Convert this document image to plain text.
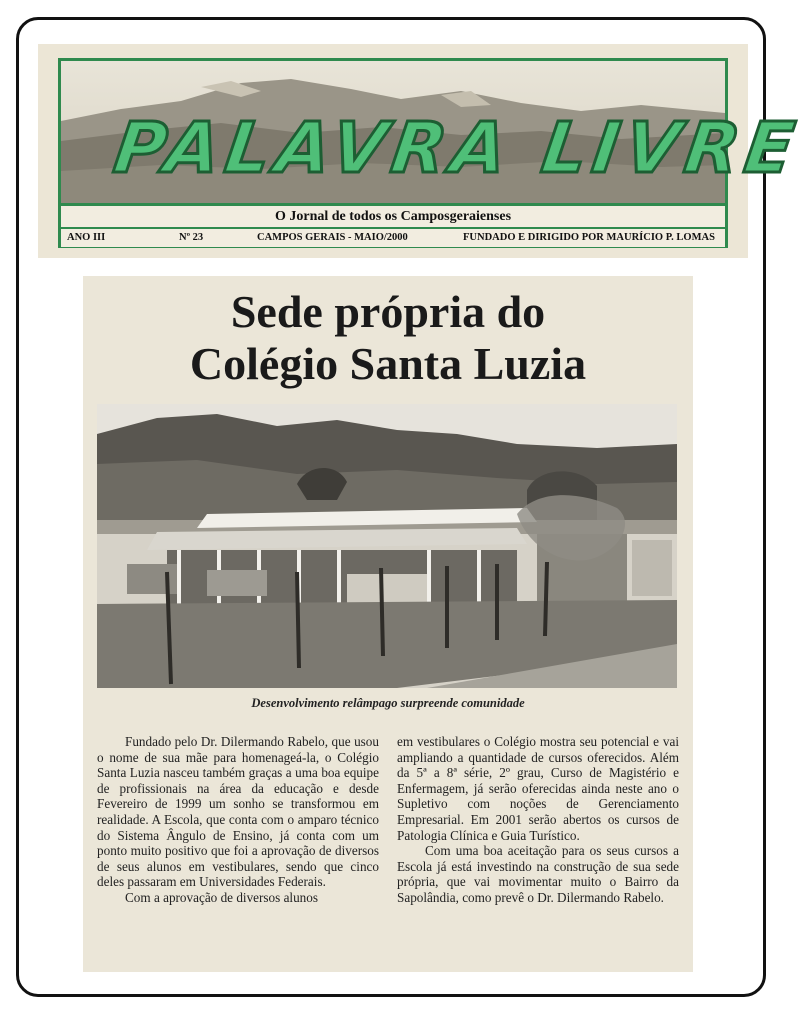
PALAVRA LIVRE
O Jornal de todos os Camposgeraienses
ANO III	Nº 23	CAMPOS GERAIS - MAIO/2000	FUNDADO E DIRIGIDO POR MAURÍCIO P. LOMAS
Sede própria do
Colégio Santa Luzia
Desenvolvimento relâmpago surpreende comunidade

Fundado pelo Dr. Dilermando Rabelo, que usou o nome de sua mãe para homenageá-la, o Colégio Santa Luzia nasceu também graças a uma boa equipe de profissionais na área da educação e desde Fevereiro de 1999 um sonho se transformou em realidade. A Escola, que conta com o amparo técnico do Sistema Ângulo de Ensino, já conta com um ponto muito positivo que foi a aprovação de diversos de seus alunos em vestibulares, sendo que cinco deles passaram em Universidades Federais.

Com a aprovação de diversos alunos

em vestibulares o Colégio mostra seu potencial e vai ampliando a quantidade de cursos oferecidos. Além da 5ª a 8ª série, 2º grau, Curso de Magistério e Enfermagem, já serão oferecidas ainda neste ano o Supletivo com noções de Gerenciamento Empresarial. Em 2001 serão abertos os cursos de Patologia Clínica e Guia Turístico.

Com uma boa aceitação para os seus cursos a Escola já está investindo na construção de sua sede própria, que vai movimentar muito o Bairro da Sapolândia, como prevê o Dr. Dilermando Rabelo.
